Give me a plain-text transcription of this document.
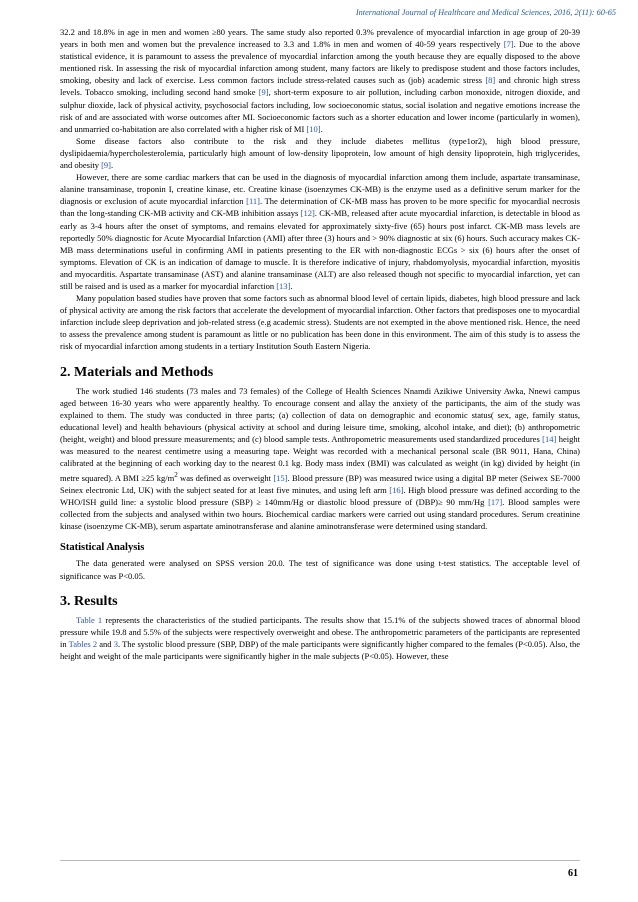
International Journal of Healthcare and Medical Sciences, 2016, 2(11): 60-65

32.2 and 18.8% in age in men and women ≥80 years. The same study also reported 0.3% prevalence of myocardial infarction in age group of 20-39 years in both men and women but the prevalence increased to 3.3 and 1.8% in men and women of 40-59 years respectively [7]. Due to the above statistical evidence, it is paramount to assess the prevalence of myocardial infarction among the youth because they are equally disposed to the above mentioned risk. In assessing the risk of myocardial infarction among student, many factors are likely to predispose student and those factors includes, smoking, obesity and lack of exercise. Less common factors include stress-related causes such as (job) academic stress [8] and chronic high stress levels. Tobacco smoking, including second hand smoke [9], short-term exposure to air pollution, including carbon monoxide, nitrogen dioxide, and sulphur dioxide, lack of physical activity, psychosocial factors including, low socioeconomic status, social isolation and negative emotions increase the risk of and are associated with worse outcomes after MI. Socioeconomic factors such as a shorter education and lower income (particularly in women), and unmarried co-habitation are also correlated with a higher risk of MI [10].

Some disease factors also contribute to the risk and they include diabetes mellitus (type1or2), high blood pressure, dyslipidaemia/hypercholesterolemia, particularly high amount of low-density lipoprotein, low amount of high density lipoprotein, high triglycerides, and obesity [9].

However, there are some cardiac markers that can be used in the diagnosis of myocardial infarction among them include, aspartate transaminase, alanine transaminase, troponin I, creatine kinase, etc. Creatine kinase (isoenzymes CK-MB) is the enzyme used as a definitive serum marker for the diagnosis or exclusion of acute myocardial infarction [11]. The determination of CK-MB mass has proven to be more specific for myocardial necrosis than the long-standing CK-MB activity and CK-MB inhibition assays [12]. CK-MB, released after acute myocardial infarction, is detectable in blood as early as 3-4 hours after the onset of symptoms, and remains elevated for approximately sixty-five (65) hours post infarct. CK-MB mass levels are reportedly 50% diagnostic for Acute Myocardial Infarction (AMI) after three (3) hours and > 90% diagnostic at six (6) hours. Such accuracy makes CK-MB mass determinations useful in confirming AMI in patients presenting to the ER with non-diagnostic ECGs > six (6) hours after the onset of symptoms. Elevation of CK is an indication of damage to muscle. It is therefore indicative of injury, rhabdomyolysis, myocardial infarction, myositis and myocarditis. Aspartate transaminase (AST) and alanine transaminase (ALT) are also released though not specific to myocardial infarction, yet can still be raised and is used as a marker for myocardial infarction [13].

Many population based studies have proven that some factors such as abnormal blood level of certain lipids, diabetes, high blood pressure and lack of physical activity are among the risk factors that accelerate the development of myocardial infarction. Other factors that predisposes one to myocardial infarction include sleep deprivation and job-related stress (e.g academic stress). Students are not exempted in the above mentioned risk. Hence, the need to assess the prevalence among student is paramount as little or no publication has been done in this environment. The aim of this study is to assess the risk of myocardial infarction among students in a tertiary Institution South Eastern Nigeria.

2. Materials and Methods

The work studied 146 students (73 males and 73 females) of the College of Health Sciences Nnamdi Azikiwe University Awka, Nnewi campus aged between 16-30 years who were apparently healthy. To encourage consent and allay the anxiety of the participants, the aim of the study was explained to them. The study was conducted in three parts; (a) collection of data on demographic and economic status( sex, age, family status, educational level) and health behaviours (physical activity at school and during leisure time, smoking, alcohol intake, and diet); (b) anthropometric (height, weight) and blood pressure measurements; and (c) blood sample tests. Anthropometric measurements used standardized procedures [14] height was measured to the nearest centimetre using a measuring tape. Weight was recorded with a mechanical personal scale (BR 9011, Hana, China) calibrated at the beginning of each working day to the nearest 0.1 kg. Body mass index (BMI) was calculated as weight (in kg) divided by height (in metre squared). A BMI ≥25 $kg/m^2$ was defined as overweight [15]. Blood pressure (BP) was measured twice using a digital BP meter (Seiwex SE-7000 Seinex electronic Ltd, UK) with the subject seated for at least five minutes, and using left arm [16]. High blood pressure was defined according to the WHO/ISH guild line: a systolic blood pressure (SBP) ≥ 140mm/Hg or diastolic blood pressure of (DBP)≥ 90 mm/Hg [17]. Blood samples were collected from the subjects and analysed within two hours. Biochemical cardiac markers were carried out using standard procedures. Serum creatinine kinase (isoenzyme CK-MB), serum aspartate aminotransferase and alanine aminotransferase were determined using standard.

Statistical Analysis

The data generated were analysed on SPSS version 20.0. The test of significance was done using t-test statistics. The acceptable level of significance was P<0.05.

3. Results

Table 1 represents the characteristics of the studied participants. The results show that 15.1% of the subjects showed traces of abnormal blood pressure while 19.8 and 5.5% of the subjects were respectively overweight and obese. The anthropometric parameters of the participants are represented in Tables 2 and 3. The systolic blood pressure (SBP, DBP) of the male participants were significantly higher compared to the females (P<0.05). Also, the height and weight of the male participants were significantly higher in the male subjects (P<0.05). However, these

61
